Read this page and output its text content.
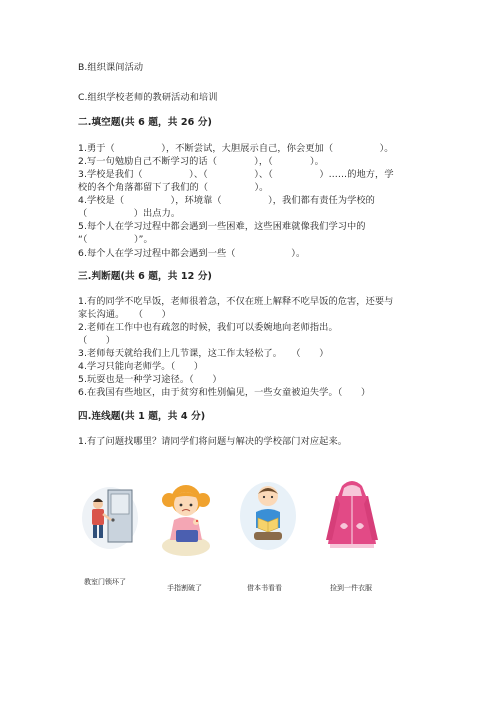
B.组织课间活动
C.组织学校老师的教研活动和培训
二.填空题(共 6 题，共 26 分)
1.勇于（　　　　　），不断尝试，大胆展示自己，你会更加（　　　　　）。
2.写一句勉励自己不断学习的话（　　　　），（　　　　）。
3.学校是我们（　　　　　）、（　　　　　）、（　　　　　）……的地方，学
校的各个角落都留下了我们的（　　　　　）。
4.学校是（　　　　　），环境靠（　　　　　），我们都有责任为学校的
（　　　　　）出点力。
5.每个人在学习过程中都会遇到一些困难，这些困难就像我们学习中的
“（　　　　　）”。
6.每个人在学习过程中都会遇到一些（　　　　　　）。
三.判断题(共 6 题，共 12 分)
1.有的同学不吃早饭，老师很着急，不仅在班上解释不吃早饭的危害，还要与
家长沟通。　　（　　）
2.老师在工作中也有疏忽的时候，我们可以委婉地向老师指出。
（　　）
3.老师每天就给我们上几节课，这工作太轻松了。　　（　　）
4.学习只能向老师学。（　　）
5.玩耍也是一种学习途径。（　　）
6.在我国有些地区，由于贫穷和性别偏见，一些女童被迫失学。（　　）
四.连线题(共 1 题，共 4 分)
1.有了问题找哪里？请同学们将问题与解决的学校部门对应起来。
教室门锁坏了
手指割破了	借本书看看	捡到一件衣服
